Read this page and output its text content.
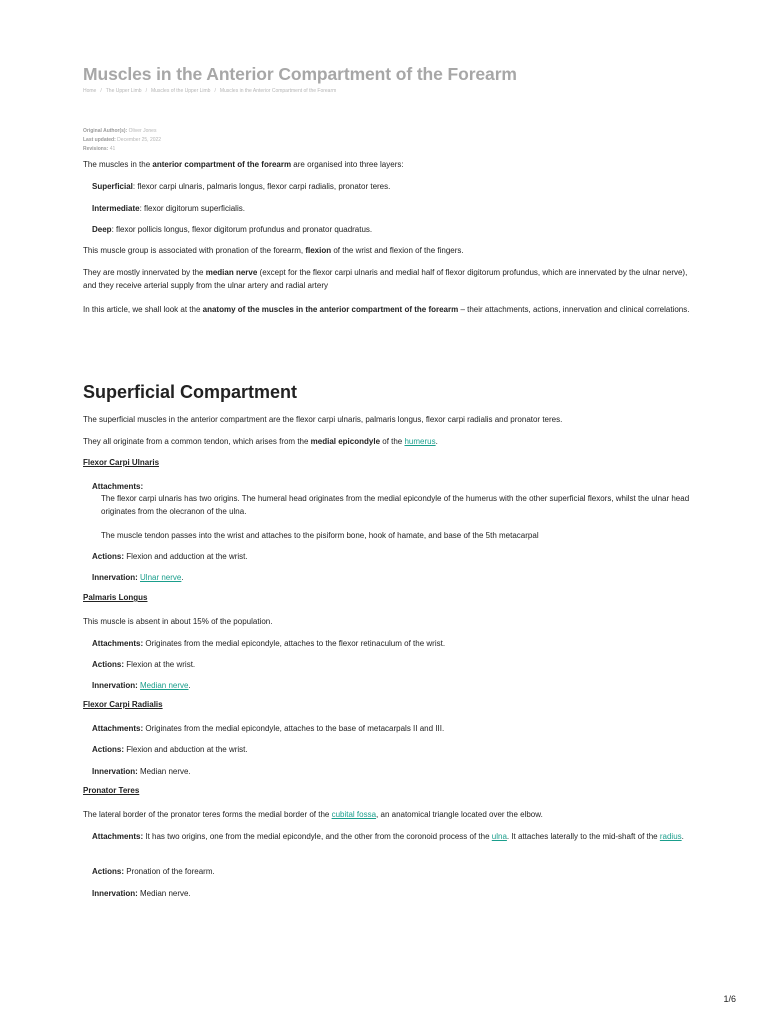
Muscles in the Anterior Compartment of the Forearm
Home / The Upper Limb / Muscles of the Upper Limb / Muscles in the Anterior Compartment of the Forearm
Original Author(s): Oliver Jones
Last updated: December 25, 2022
Revisions: 41

The muscles in the anterior compartment of the forearm are organised into three layers:

Superficial: flexor carpi ulnaris, palmaris longus, flexor carpi radialis, pronator teres.

Intermediate: flexor digitorum superficialis.

Deep: flexor pollicis longus, flexor digitorum profundus and pronator quadratus.

This muscle group is associated with pronation of the forearm, flexion of the wrist and flexion of the fingers.

They are mostly innervated by the median nerve (except for the flexor carpi ulnaris and medial half of flexor digitorum profundus, which are innervated by the ulnar nerve), and they receive arterial supply from the ulnar artery and radial artery

In this article, we shall look at the anatomy of the muscles in the anterior compartment of the forearm – their attachments, actions, innervation and clinical correlations.

Superficial Compartment

The superficial muscles in the anterior compartment are the flexor carpi ulnaris, palmaris longus, flexor carpi radialis and pronator teres.

They all originate from a common tendon, which arises from the medial epicondyle of the humerus.

Flexor Carpi Ulnaris

Attachments:

The flexor carpi ulnaris has two origins. The humeral head originates from the medial epicondyle of the humerus with the other superficial flexors, whilst the ulnar head originates from the olecranon of the ulna.

The muscle tendon passes into the wrist and attaches to the pisiform bone, hook of hamate, and base of the 5th metacarpal

Actions: Flexion and adduction at the wrist.

Innervation: Ulnar nerve.

Palmaris Longus

This muscle is absent in about 15% of the population.

Attachments: Originates from the medial epicondyle, attaches to the flexor retinaculum of the wrist.

Actions: Flexion at the wrist.

Innervation: Median nerve.

Flexor Carpi Radialis

Attachments: Originates from the medial epicondyle, attaches to the base of metacarpals II and III.

Actions: Flexion and abduction at the wrist.

Innervation: Median nerve.

Pronator Teres

The lateral border of the pronator teres forms the medial border of the cubital fossa, an anatomical triangle located over the elbow.

Attachments: It has two origins, one from the medial epicondyle, and the other from the coronoid process of the ulna. It attaches laterally to the mid-shaft of the radius.

Actions: Pronation of the forearm.

Innervation: Median nerve.

1/6
